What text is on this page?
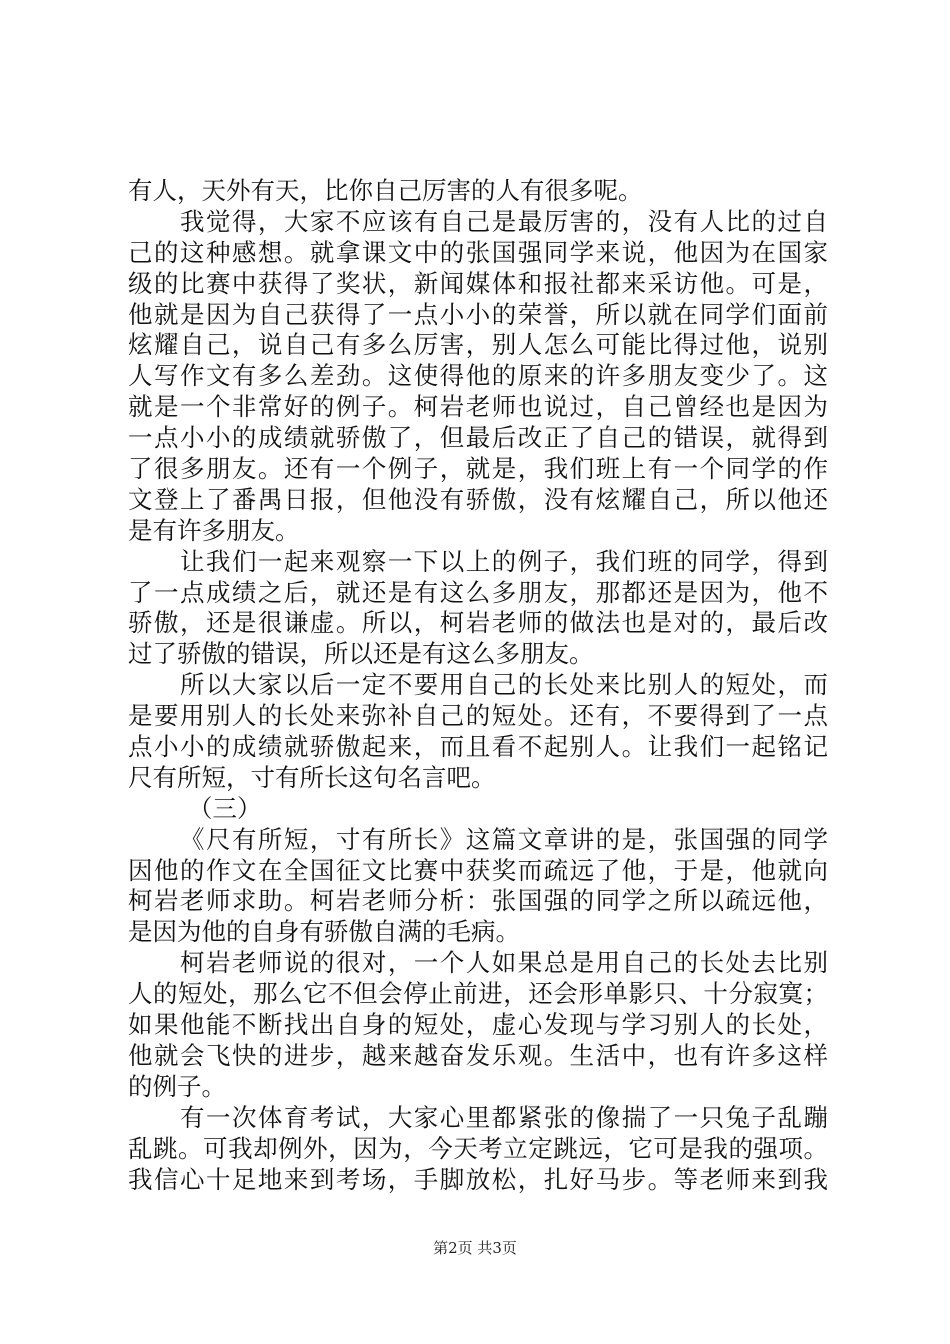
有人，天外有天，比你自己厉害的人有很多呢。
我觉得，大家不应该有自己是最厉害的，没有人比的过自
己的这种感想。就拿课文中的张国强同学来说，他因为在国家
级的比赛中获得了奖状，新闻媒体和报社都来采访他。可是，
他就是因为自己获得了一点小小的荣誉，所以就在同学们面前
炫耀自己，说自己有多么厉害，别人怎么可能比得过他，说别
人写作文有多么差劲。这使得他的原来的许多朋友变少了。这
就是一个非常好的例子。柯岩老师也说过，自己曾经也是因为
一点小小的成绩就骄傲了，但最后改正了自己的错误，就得到
了很多朋友。还有一个例子，就是，我们班上有一个同学的作
文登上了番禺日报，但他没有骄傲，没有炫耀自己，所以他还
是有许多朋友。
让我们一起来观察一下以上的例子，我们班的同学，得到
了一点成绩之后，就还是有这么多朋友，那都还是因为，他不
骄傲，还是很谦虚。所以，柯岩老师的做法也是对的，最后改
过了骄傲的错误，所以还是有这么多朋友。
所以大家以后一定不要用自己的长处来比别人的短处，而
是要用别人的长处来弥补自己的短处。还有，不要得到了一点
点小小的成绩就骄傲起来，而且看不起别人。让我们一起铭记
尺有所短，寸有所长这句名言吧。
（三）
《尺有所短，寸有所长》这篇文章讲的是，张国强的同学
因他的作文在全国征文比赛中获奖而疏远了他，于是，他就向
柯岩老师求助。柯岩老师分析：张国强的同学之所以疏远他，
是因为他的自身有骄傲自满的毛病。
柯岩老师说的很对，一个人如果总是用自己的长处去比别
人的短处，那么它不但会停止前进，还会形单影只、十分寂寞；
如果他能不断找出自身的短处，虚心发现与学习别人的长处，
他就会飞快的进步，越来越奋发乐观。生活中，也有许多这样
的例子。
有一次体育考试，大家心里都紧张的像揣了一只兔子乱蹦
乱跳。可我却例外，因为，今天考立定跳远，它可是我的强项。
我信心十足地来到考场，手脚放松，扎好马步。等老师来到我
第2页 共3页
